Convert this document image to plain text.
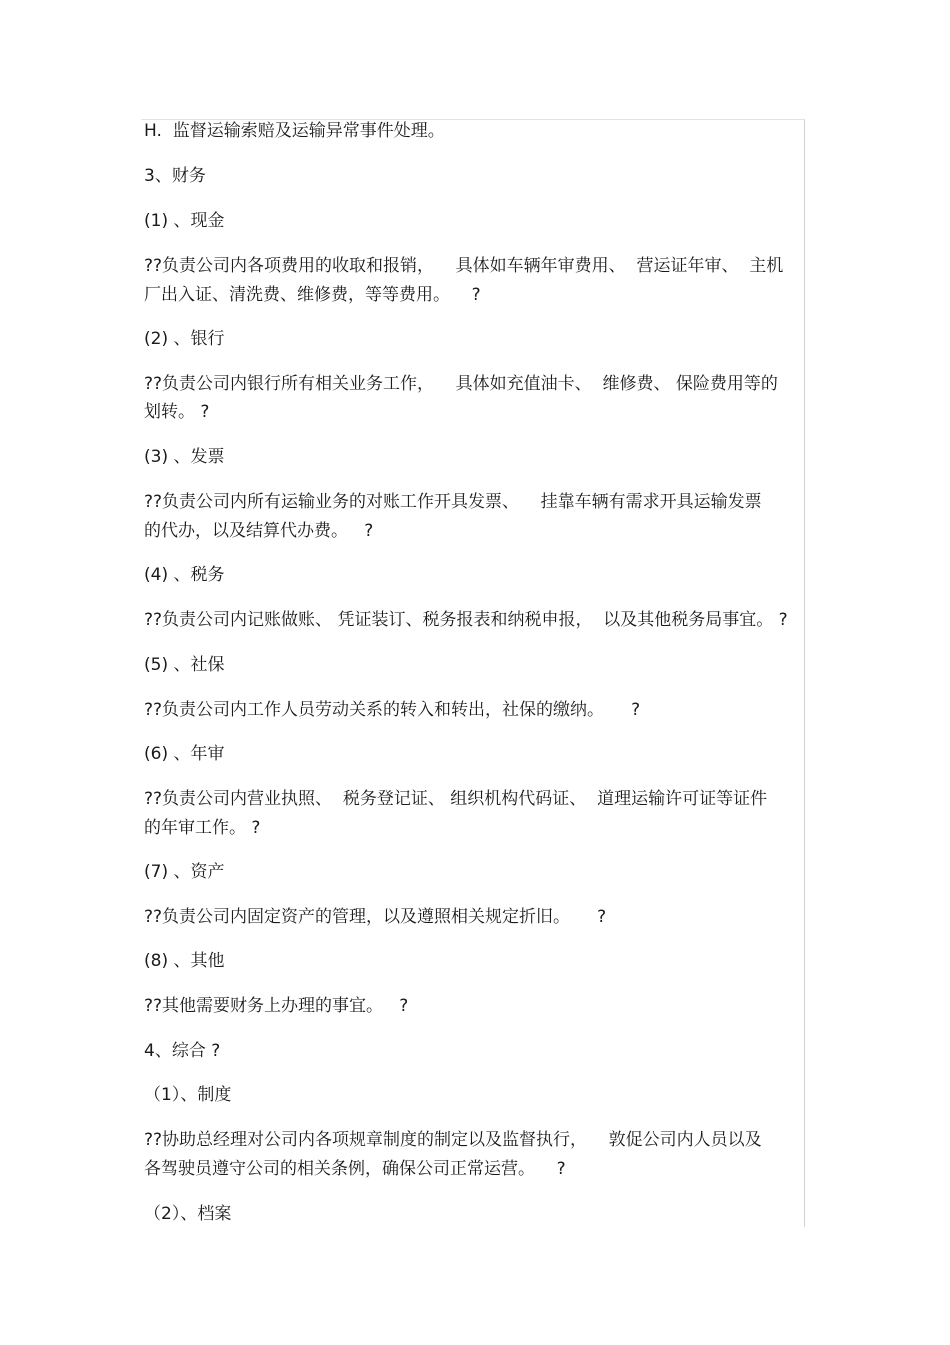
H.  监督运输索赔及运输异常事件处理。
3、财务
(1) 、现金
??负责公司内各项费用的收取和报销，    具体如车辆年审费用、  营运证年审、  主机
厂出入证、清洗费、维修费，等等费用。    ?
(2) 、银行
??负责公司内银行所有相关业务工作，    具体如充值油卡、  维修费、 保险费用等的
划转。 ?
(3) 、发票
??负责公司内所有运输业务的对账工作开具发票、    挂靠车辆有需求开具运输发票
的代办，以及结算代办费。   ?
(4) 、税务
??负责公司内记账做账、 凭证装订、税务报表和纳税申报，  以及其他税务局事宜。 ?
(5) 、社保
??负责公司内工作人员劳动关系的转入和转出，社保的缴纳。     ?
(6) 、年审
??负责公司内营业执照、  税务登记证、 组织机构代码证、  道理运输许可证等证件
的年审工作。 ?
(7) 、资产
??负责公司内固定资产的管理，以及遵照相关规定折旧。     ?
(8) 、其他
??其他需要财务上办理的事宜。   ?
4、综合 ?
（1）、制度
??协助总经理对公司内各项规章制度的制定以及监督执行，    敦促公司内人员以及
各驾驶员遵守公司的相关条例，确保公司正常运营。    ?
（2）、档案
